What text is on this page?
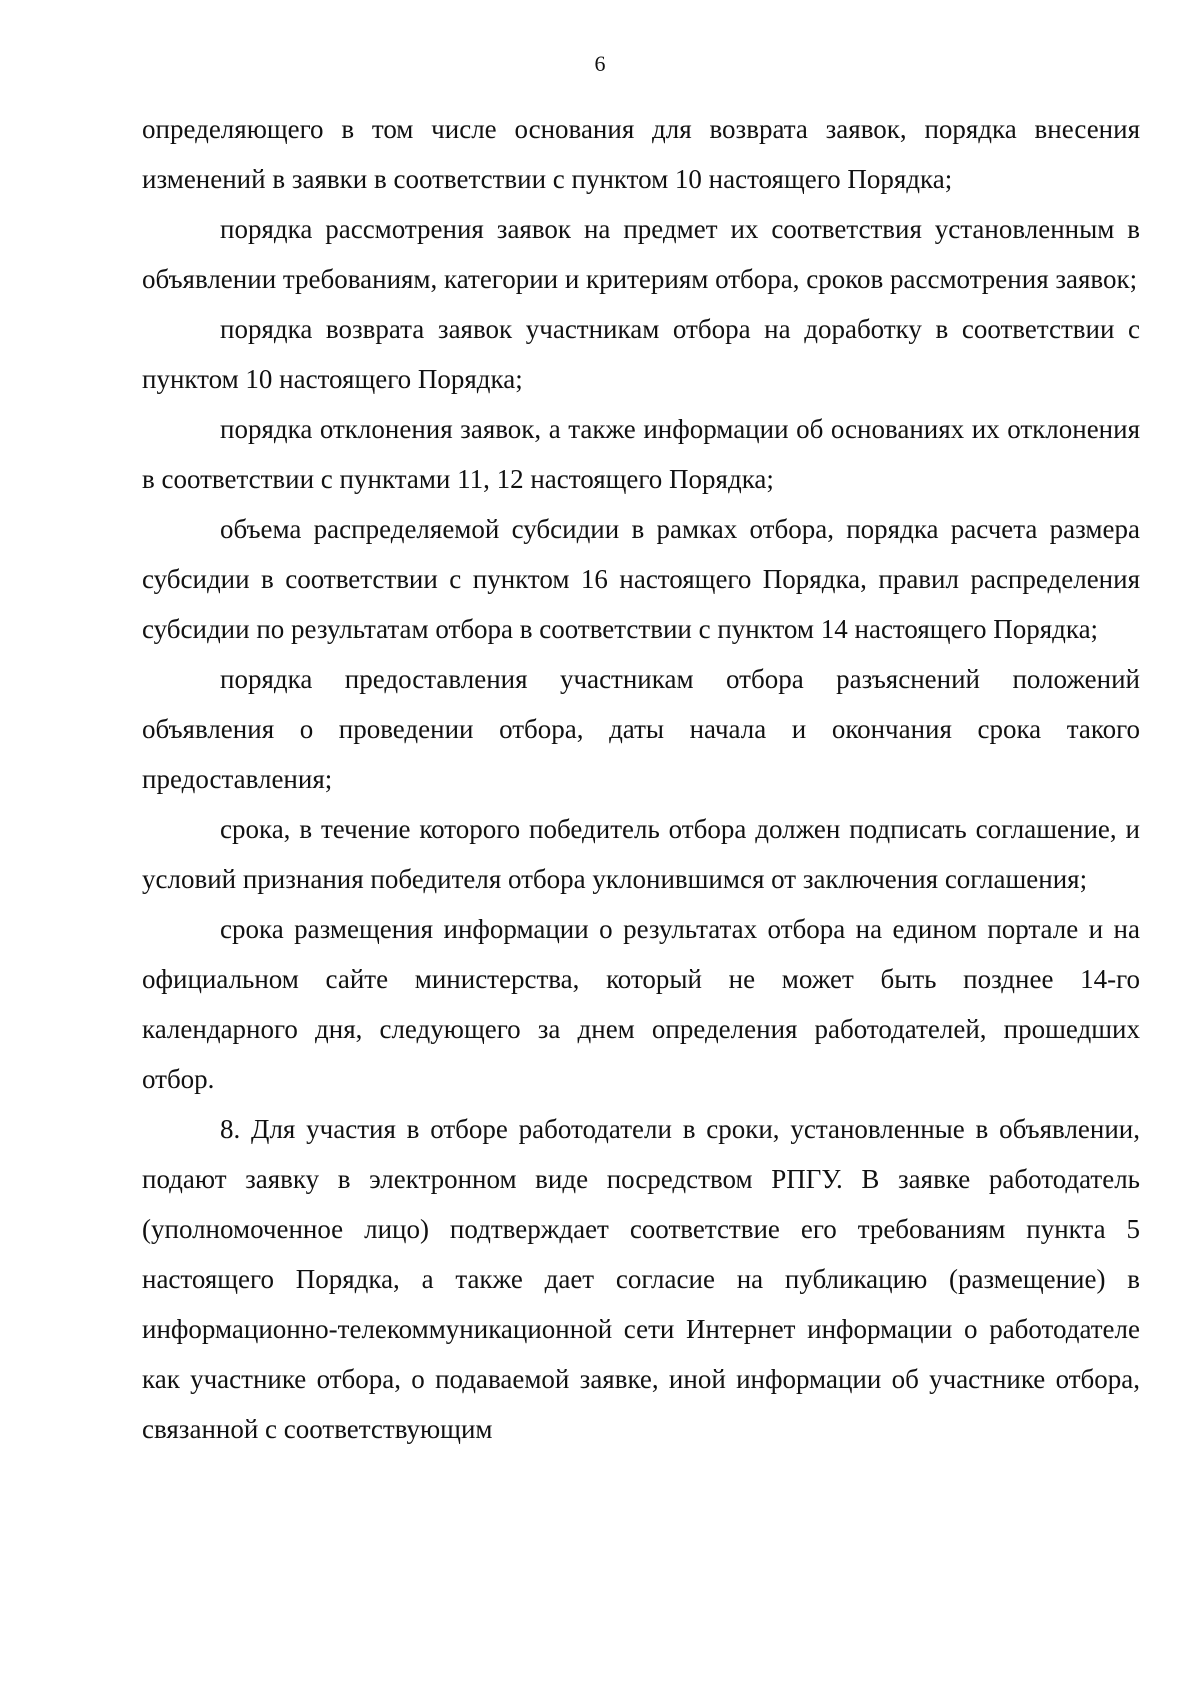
6

определяющего в том числе основания для возврата заявок, порядка внесения изменений в заявки в соответствии с пунктом 10 настоящего Порядка;

порядка рассмотрения заявок на предмет их соответствия установленным в объявлении требованиям, категории и критериям отбора, сроков рассмотрения заявок;

порядка возврата заявок участникам отбора на доработку в соответствии с пунктом 10 настоящего Порядка;

порядка отклонения заявок, а также информации об основаниях их отклонения в соответствии с пунктами 11, 12 настоящего Порядка;

объема распределяемой субсидии в рамках отбора, порядка расчета размера субсидии в соответствии с пунктом 16 настоящего Порядка, правил распределения субсидии по результатам отбора в соответствии с пунктом 14 настоящего Порядка;

порядка предоставления участникам отбора разъяснений положений объявления о проведении отбора, даты начала и окончания срока такого предоставления;

срока, в течение которого победитель отбора должен подписать соглашение, и условий признания победителя отбора уклонившимся от заключения соглашения;

срока размещения информации о результатах отбора на едином портале и на официальном сайте министерства, который не может быть позднее 14-го календарного дня, следующего за днем определения работодателей, прошедших отбор.

8. Для участия в отборе работодатели в сроки, установленные в объявлении, подают заявку в электронном виде посредством РПГУ. В заявке работодатель (уполномоченное лицо) подтверждает соответствие его требованиям пункта 5 настоящего Порядка, а также дает согласие на публикацию (размещение) в информационно-телекоммуникационной сети Интернет информации о работодателе как участнике отбора, о подаваемой заявке, иной информации об участнике отбора, связанной с соответствующим
